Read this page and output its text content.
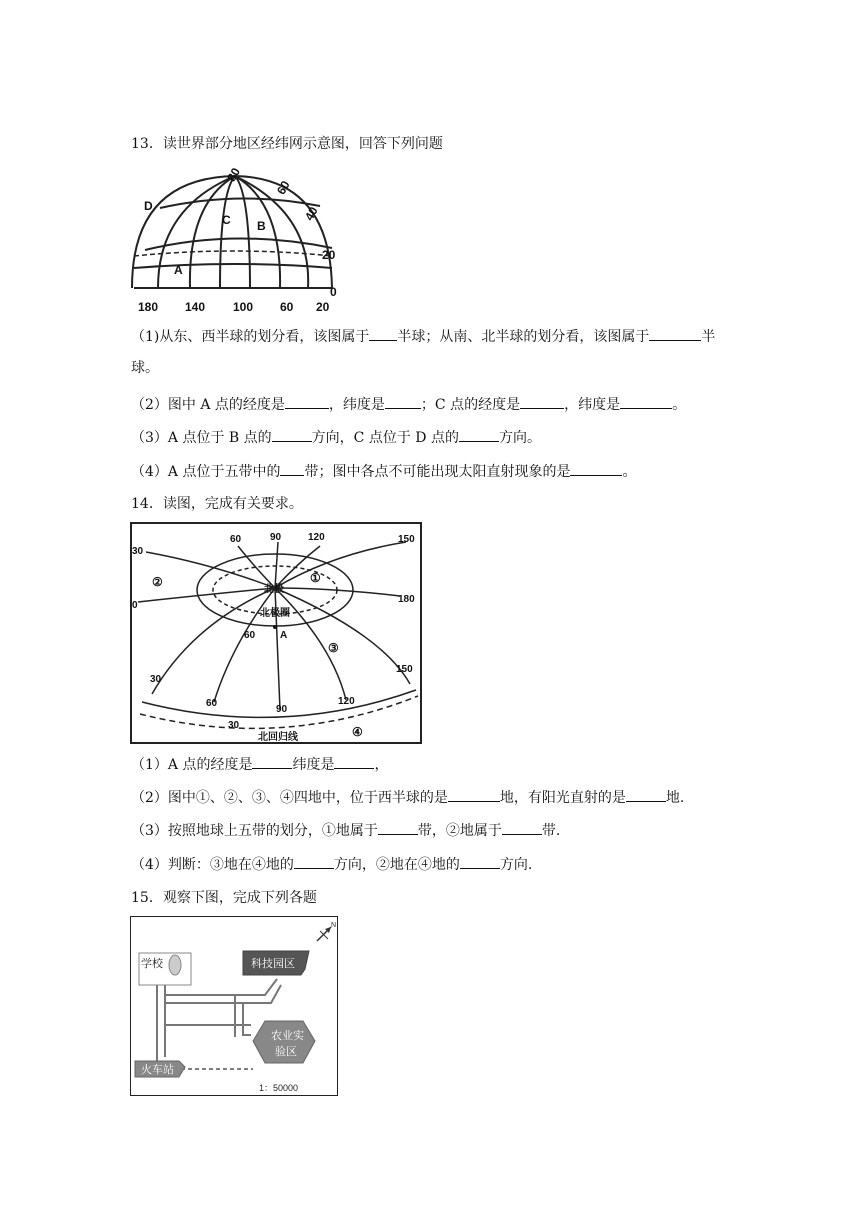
13．读世界部分地区经纬网示意图，回答下列问题
80
60
40
20
0
180 140 100 60 20
D
C B
A
（1)从东、西半球的划分看，该图属于 半球；从南、北半球的划分看，该图属于	半
球。
（2）图中 A 点的经度是	，纬度是	；C 点的经度是	，纬度是	。
（3）A 点位于 B 点的	方向，C 点位于 D 点的	方向。
（4）A 点位于五带中的 带；图中各点不可能出现太阳直射现象的是	。
14．读图，完成有关要求。
60	90	120	150
30
0
180
60 A
30
60
90
120
150
30
北极
北极圈
北回归线
①
②
③
④
（1）A 点的经度是	纬度是	，
（2）图中①、②、③、④四地中，位于西半球的是	地，有阳光直射的是	地.
（3）按照地球上五带的划分，①地属于	带，②地属于	带.
（4）判断：③地在④地的	方向，②地在④地的	方向.
15．观察下图，完成下列各题
学校	科技园区
农业实
验区
火车站
1：50000
N
